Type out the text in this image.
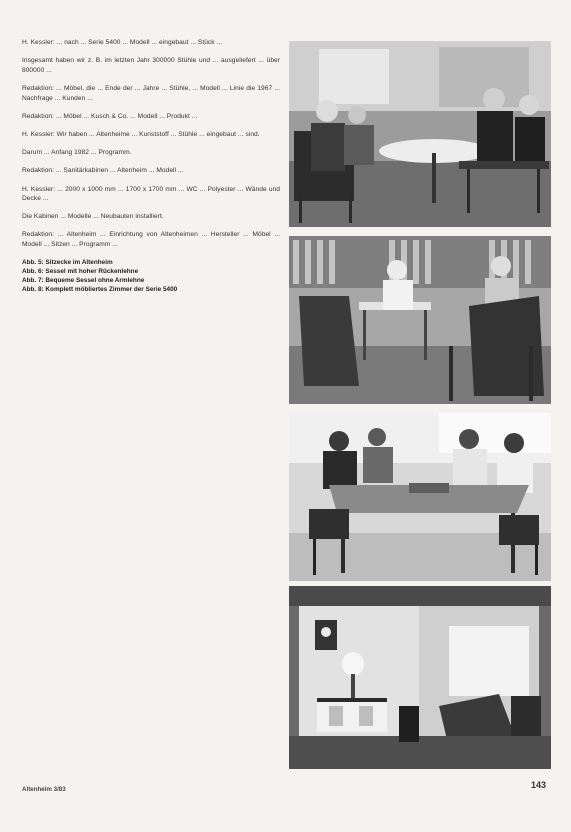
H. Kessler: ... nach ... Serie 5400 ... Modell ... eingebaut ... Stück ...

Insgesamt haben wir z. B. im letzten Jahr 300000 Stühle und ... ausgeliefert ... über 800000 ...

Redaktion: ... Möbel, die ... Ende der ... Jahre ... Stühle, ... Modell ... Linie die 1967 ... Nachfrage ... Kunden ...

Redaktion: ... Möbel ... Kusch & Co. ... Modell ... Produkt ...

H. Kessler: Wir haben ... Altenheime ... Kunststoff ... Stühle ... eingebaut ... sind.

Darum ... Anfang 1982 ... Programm.

Redaktion: ... Sanitärkabinen ... Altenheim ... Modell ...

H. Kessler: ... 2000 x 1000 mm ... 1700 x 1700 mm ... WC ... Polyester ... Wände und Decke ...

Die Kabinen ... Modelle ... Neubauten installiert.

Redaktion: ... Altenheim ... Einrichtung von Altenheimen ... Hersteller ... Möbel ... Modell ... Sitzen ... Programm ...

Abb. 5: Sitzecke im Altenheim

Abb. 6: Sessel mit hoher Rückenlehne

Abb. 7: Bequeme Sessel ohne Armlehne

Abb. 8: Komplett möbliertes Zimmer der Serie 5400

Altenheim 3/83	143
